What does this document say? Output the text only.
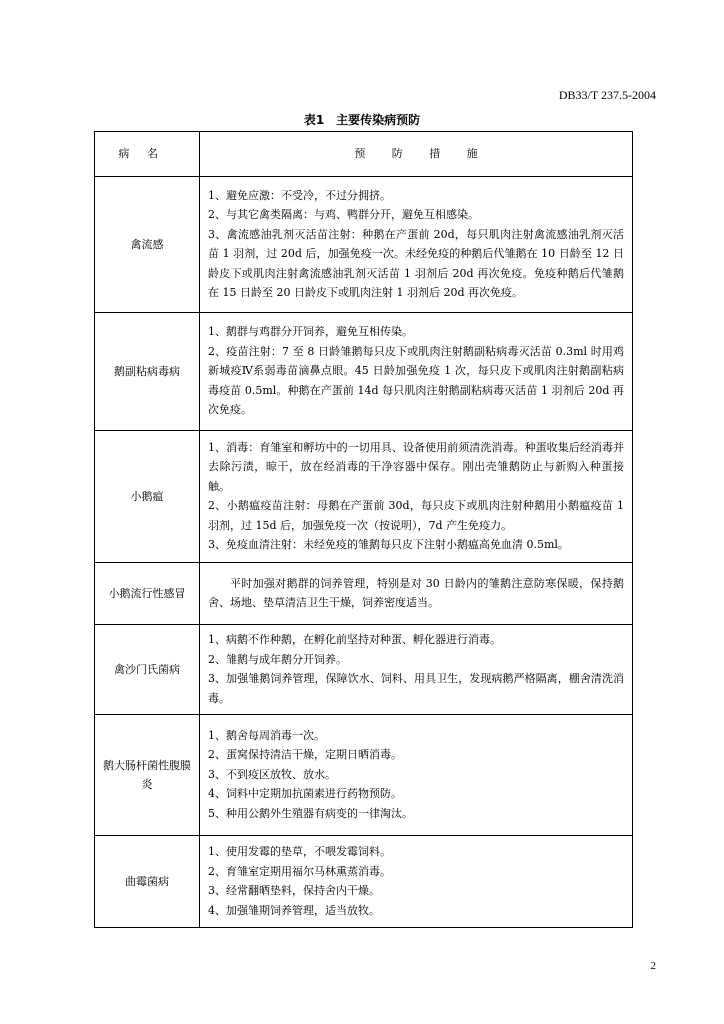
DB33/T 237.5-2004
表1　主要传染病预防
病名	预防措施
禽流感	1、避免应激：不受冷，不过分拥挤。
2、与其它禽类隔离：与鸡、鸭群分开，避免互相感染。
3、禽流感油乳剂灭活苗注射：种鹅在产蛋前 20d，每只肌肉注射禽流感油乳剂灭活苗 1 羽剂，过 20d 后，加强免疫一次。未经免疫的种鹅后代雏鹅在 10 日龄至 12 日龄皮下或肌肉注射禽流感油乳剂灭活苗 1 羽剂后 20d 再次免疫。免疫种鹅后代雏鹅在 15 日龄至 20 日龄皮下或肌肉注射 1 羽剂后 20d 再次免疫。

鹅副粘病毒病	1、鹅群与鸡群分开饲养，避免互相传染。
2、疫苗注射：7 至 8 日龄雏鹅每只皮下或肌肉注射鹅副粘病毒灭活苗 0.3ml 时用鸡新城疫Ⅳ系弱毒苗滴鼻点眼。45 日龄加强免疫 1 次，每只皮下或肌肉注射鹅副粘病毒疫苗 0.5ml。种鹅在产蛋前 14d 每只肌肉注射鹅副粘病毒灭活苗 1 羽剂后 20d 再次免疫。

小鹅瘟	1、消毒：育雏室和孵坊中的一切用具、设备使用前须清洗消毒。种蛋收集后经消毒并去除污渍，晾干，放在经消毒的干净容器中保存。刚出壳雏鹅防止与新购入种蛋接触。
2、小鹅瘟疫苗注射：母鹅在产蛋前 30d，每只皮下或肌肉注射种鹅用小鹅瘟疫苗 1 羽剂，过 15d 后，加强免疫一次（按说明），7d 产生免疫力。
3、免疫血清注射：未经免疫的雏鹅每只皮下注射小鹅瘟高免血清 0.5ml。

小鹅流行性感冒	平时加强对鹅群的饲养管理，特别是对 30 日龄内的雏鹅注意防寒保暖，保持鹅舍、场地、垫草清洁卫生干燥，饲养密度适当。

禽沙门氏菌病	1、病鹅不作种鹅，在孵化前坚持对种蛋、孵化器进行消毒。
2、雏鹅与成年鹅分开饲养。
3、加强雏鹅饲养管理，保障饮水、饲料、用具卫生，发现病鹅严格隔离，棚舍清洗消毒。

鹅大肠杆菌性腹膜炎	1、鹅舍每周消毒一次。
2、蛋窝保持清洁干燥，定期日晒消毒。
3、不到疫区放牧、放水。
4、饲料中定期加抗菌素进行药物预防。
5、种用公鹅外生殖器有病变的一律淘汰。

曲霉菌病	1、使用发霉的垫草，不喂发霉饲料。
2、育雏室定期用福尔马林熏蒸消毒。
3、经常翻晒垫料，保持舍内干燥。
4、加强雏期饲养管理，适当放牧。
2
